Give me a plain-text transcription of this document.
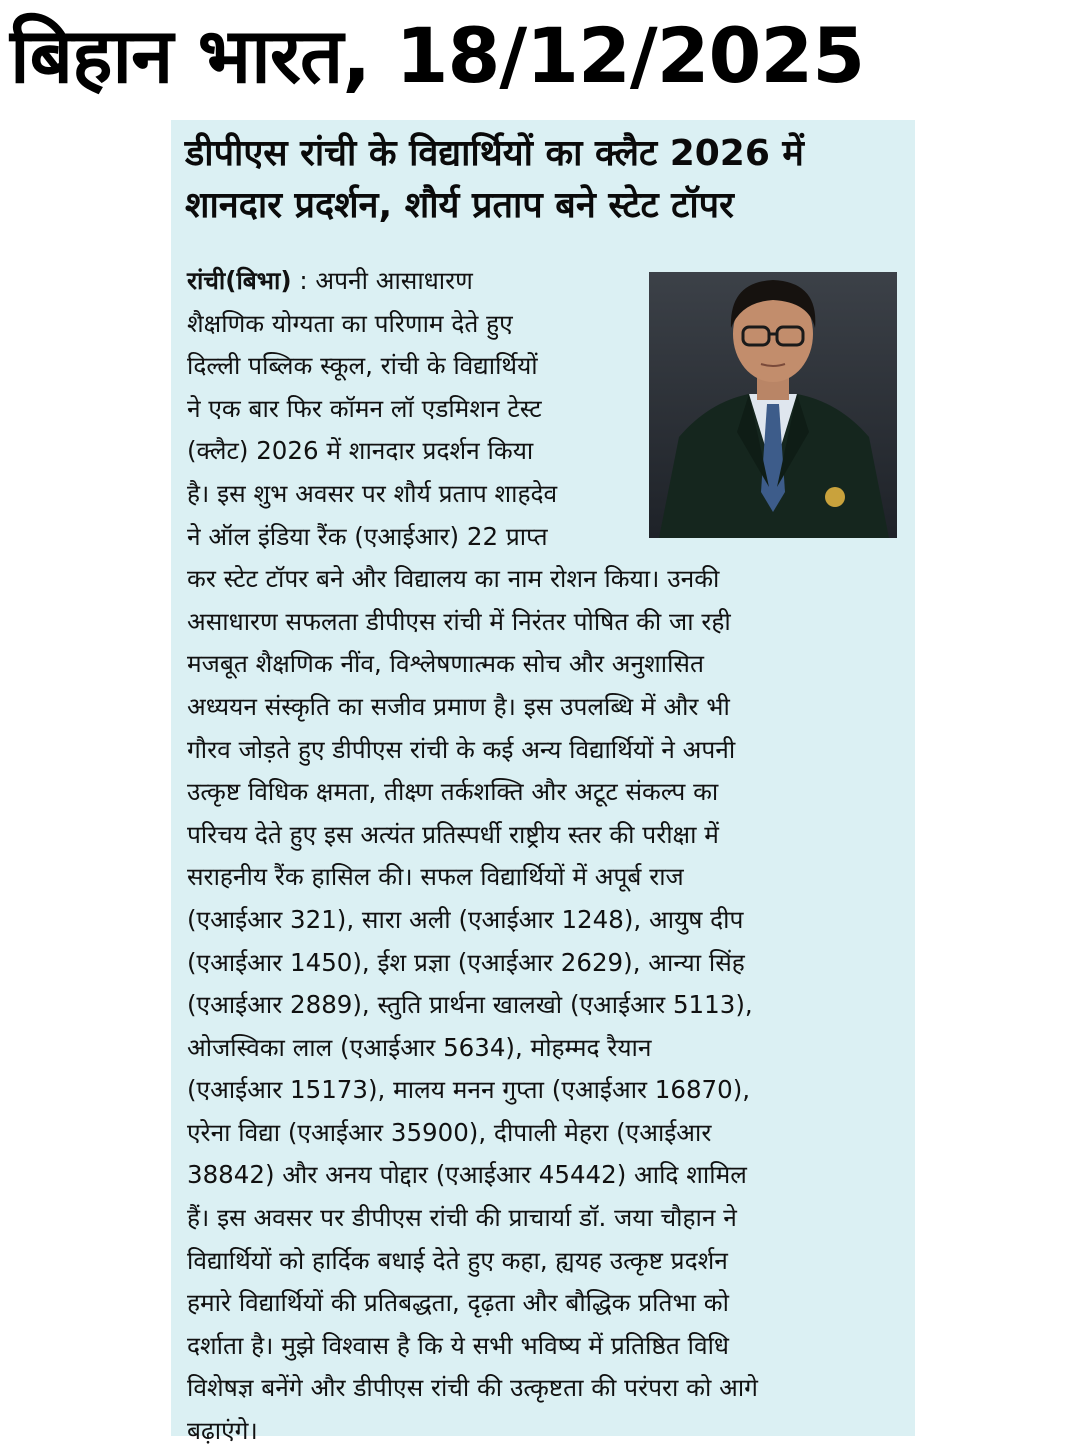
बिहान भारत, 18/12/2025
डीपीएस रांची के विद्यार्थियों का क्लैट 2026 में
शानदार प्रदर्शन, शौर्य प्रताप बने स्टेट टॉपर
रांची(बिभा) : अपनी आसाधारण
शैक्षणिक योग्यता का परिणाम देते हुए
दिल्ली पब्लिक स्कूल, रांची के विद्यार्थियों
ने एक बार फिर कॉमन लॉ एडमिशन टेस्ट
(क्लैट) 2026 में शानदार प्रदर्शन किया
है। इस शुभ अवसर पर शौर्य प्रताप शाहदेव
ने ऑल इंडिया रैंक (एआईआर) 22 प्राप्त
कर स्टेट टॉपर बने और विद्यालय का नाम रोशन किया। उनकी
असाधारण सफलता डीपीएस रांची में निरंतर पोषित की जा रही
मजबूत शैक्षणिक नींव, विश्लेषणात्मक सोच और अनुशासित
अध्ययन संस्कृति का सजीव प्रमाण है। इस उपलब्धि में और भी
गौरव जोड़ते हुए डीपीएस रांची के कई अन्य विद्यार्थियों ने अपनी
उत्कृष्ट विधिक क्षमता, तीक्ष्ण तर्कशक्ति और अटूट संकल्प का
परिचय देते हुए इस अत्यंत प्रतिस्पर्धी राष्ट्रीय स्तर की परीक्षा में
सराहनीय रैंक हासिल की। सफल विद्यार्थियों में अपूर्ब राज
(एआईआर 321), सारा अली (एआईआर 1248), आयुष दीप
(एआईआर 1450), ईश प्रज्ञा (एआईआर 2629), आन्या सिंह
(एआईआर 2889), स्तुति प्रार्थना खालखो (एआईआर 5113),
ओजस्विका लाल (एआईआर 5634), मोहम्मद रैयान
(एआईआर 15173), मालय मनन गुप्ता (एआईआर 16870),
एरेना विद्या (एआईआर 35900), दीपाली मेहरा (एआईआर
38842) और अनय पोद्दार (एआईआर 45442) आदि शामिल
हैं। इस अवसर पर डीपीएस रांची की प्राचार्या डॉ. जया चौहान ने
विद्यार्थियों को हार्दिक बधाई देते हुए कहा, ह्ययह उत्कृष्ट प्रदर्शन
हमारे विद्यार्थियों की प्रतिबद्धता, दृढ़ता और बौद्धिक प्रतिभा को
दर्शाता है। मुझे विश्वास है कि ये सभी भविष्य में प्रतिष्ठित विधि
विशेषज्ञ बनेंगे और डीपीएस रांची की उत्कृष्टता की परंपरा को आगे
बढ़ाएंगे।
